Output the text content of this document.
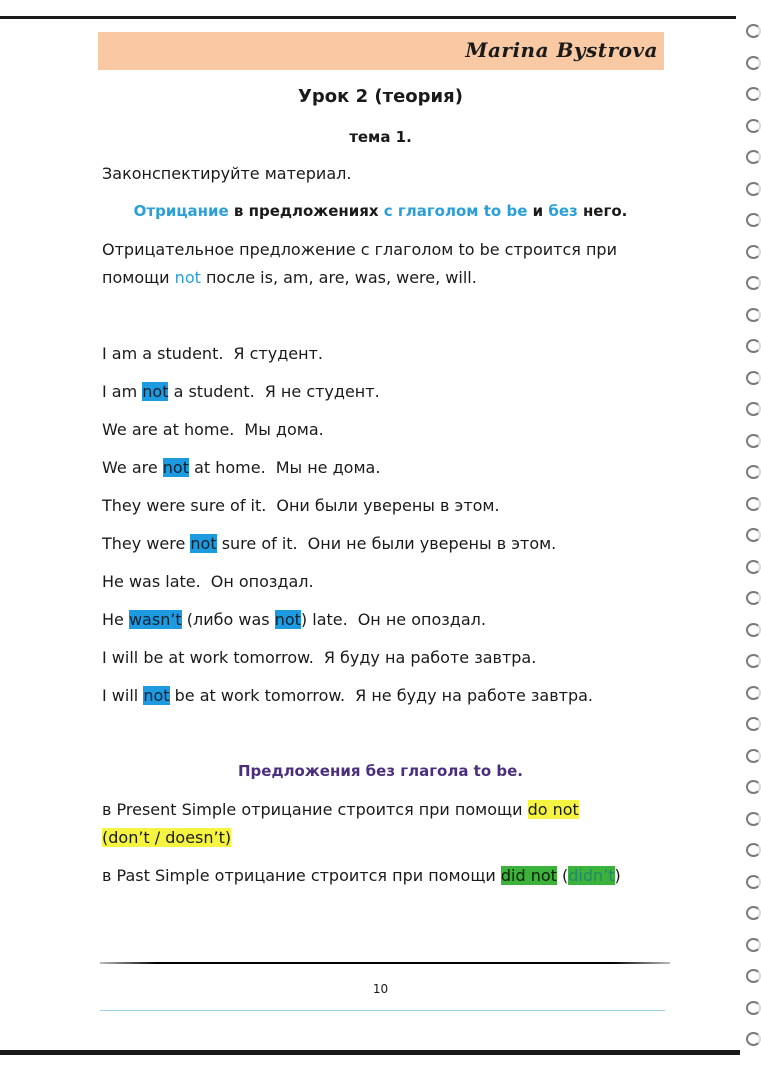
Marina Bystrova
Урок 2 (теория)
тема 1.
Законспектируйте материал.
Отрицание в предложениях с глаголом to be и без него.
Отрицательное предложение с глаголом to be строится при
помощи not после is, am, are, was, were, will.
I am a student. Я студент.
I am not a student. Я не студент.
We are at home. Мы дома.
We are not at home. Мы не дома.
They were sure of it. Они были уверены в этом.
They were not sure of it. Они не были уверены в этом.
He was late. Он опоздал.
He wasn’t (либо was not) late. Он не опоздал.
I will be at work tomorrow. Я буду на работе завтра.
I will not be at work tomorrow. Я не буду на работе завтра.
Предложения без глагола to be.
в Present Simple отрицание строится при помощи do not
(don’t / doesn’t)
в Past Simple отрицание строится при помощи did not (didn’t)
10
